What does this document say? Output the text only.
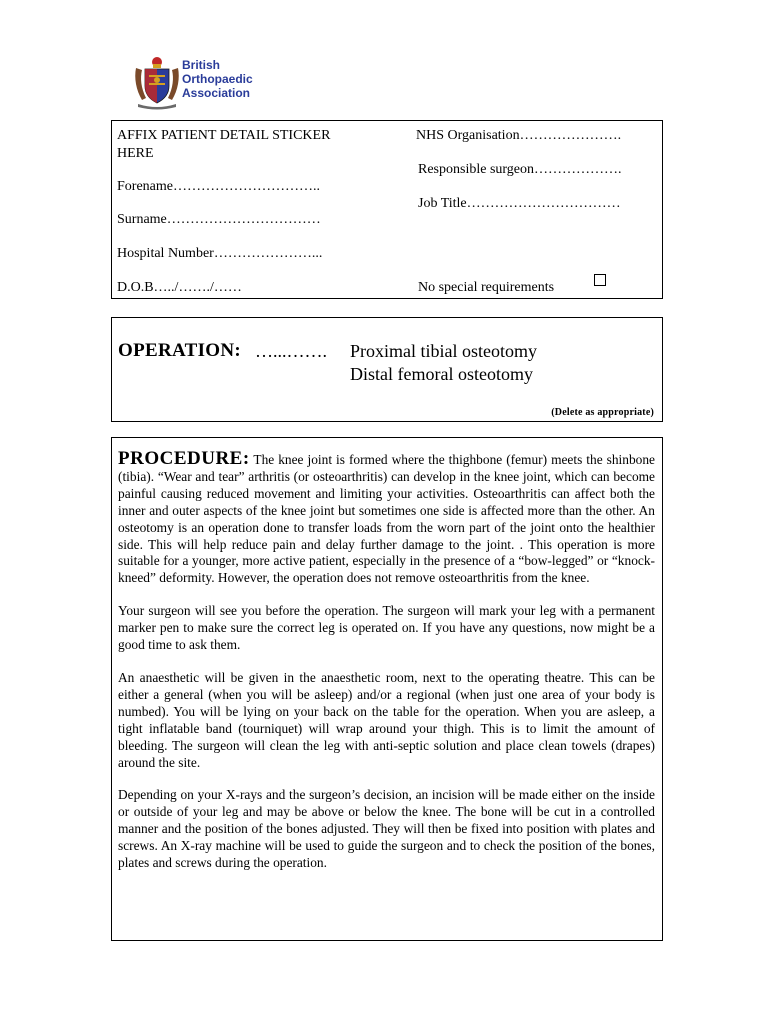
British
Orthopaedic
Association
AFFIX PATIENT DETAIL STICKER
HERE
Forename…………………………..
Surname……………………………
Hospital Number…………………...
D.O.B…../……./……
NHS Organisation………………….
Responsible surgeon……………….
Job Title……………………………
No special requirements
OPERATION: …...……. Proximal tibial osteotomy
Distal femoral osteotomy
(Delete as appropriate)

PROCEDURE: The knee joint is formed where the thighbone (femur) meets the shinbone (tibia). “Wear and tear” arthritis (or osteoarthritis) can develop in the knee joint, which can become painful causing reduced movement and limiting your activities. Osteoarthritis can affect both the inner and outer aspects of the knee joint but sometimes one side is affected more than the other. An osteotomy is an operation done to transfer loads from the worn part of the joint onto the healthier side. This will help reduce pain and delay further damage to the joint. . This operation is more suitable for a younger, more active patient, especially in the presence of a “bow-legged” or “knock-kneed” deformity. However, the operation does not remove osteoarthritis from the knee.

Your surgeon will see you before the operation. The surgeon will mark your leg with a permanent marker pen to make sure the correct leg is operated on. If you have any questions, now might be a good time to ask them.

An anaesthetic will be given in the anaesthetic room, next to the operating theatre. This can be either a general (when you will be asleep) and/or a regional (when just one area of your body is numbed). You will be lying on your back on the table for the operation. When you are asleep, a tight inflatable band (tourniquet) will wrap around your thigh. This is to limit the amount of bleeding. The surgeon will clean the leg with anti-septic solution and place clean towels (drapes) around the site.

Depending on your X-rays and the surgeon’s decision, an incision will be made either on the inside or outside of your leg and may be above or below the knee. The bone will be cut in a controlled manner and the position of the bones adjusted. They will then be fixed into position with plates and screws. An X-ray machine will be used to guide the surgeon and to check the position of the bones, plates and screws during the operation.
